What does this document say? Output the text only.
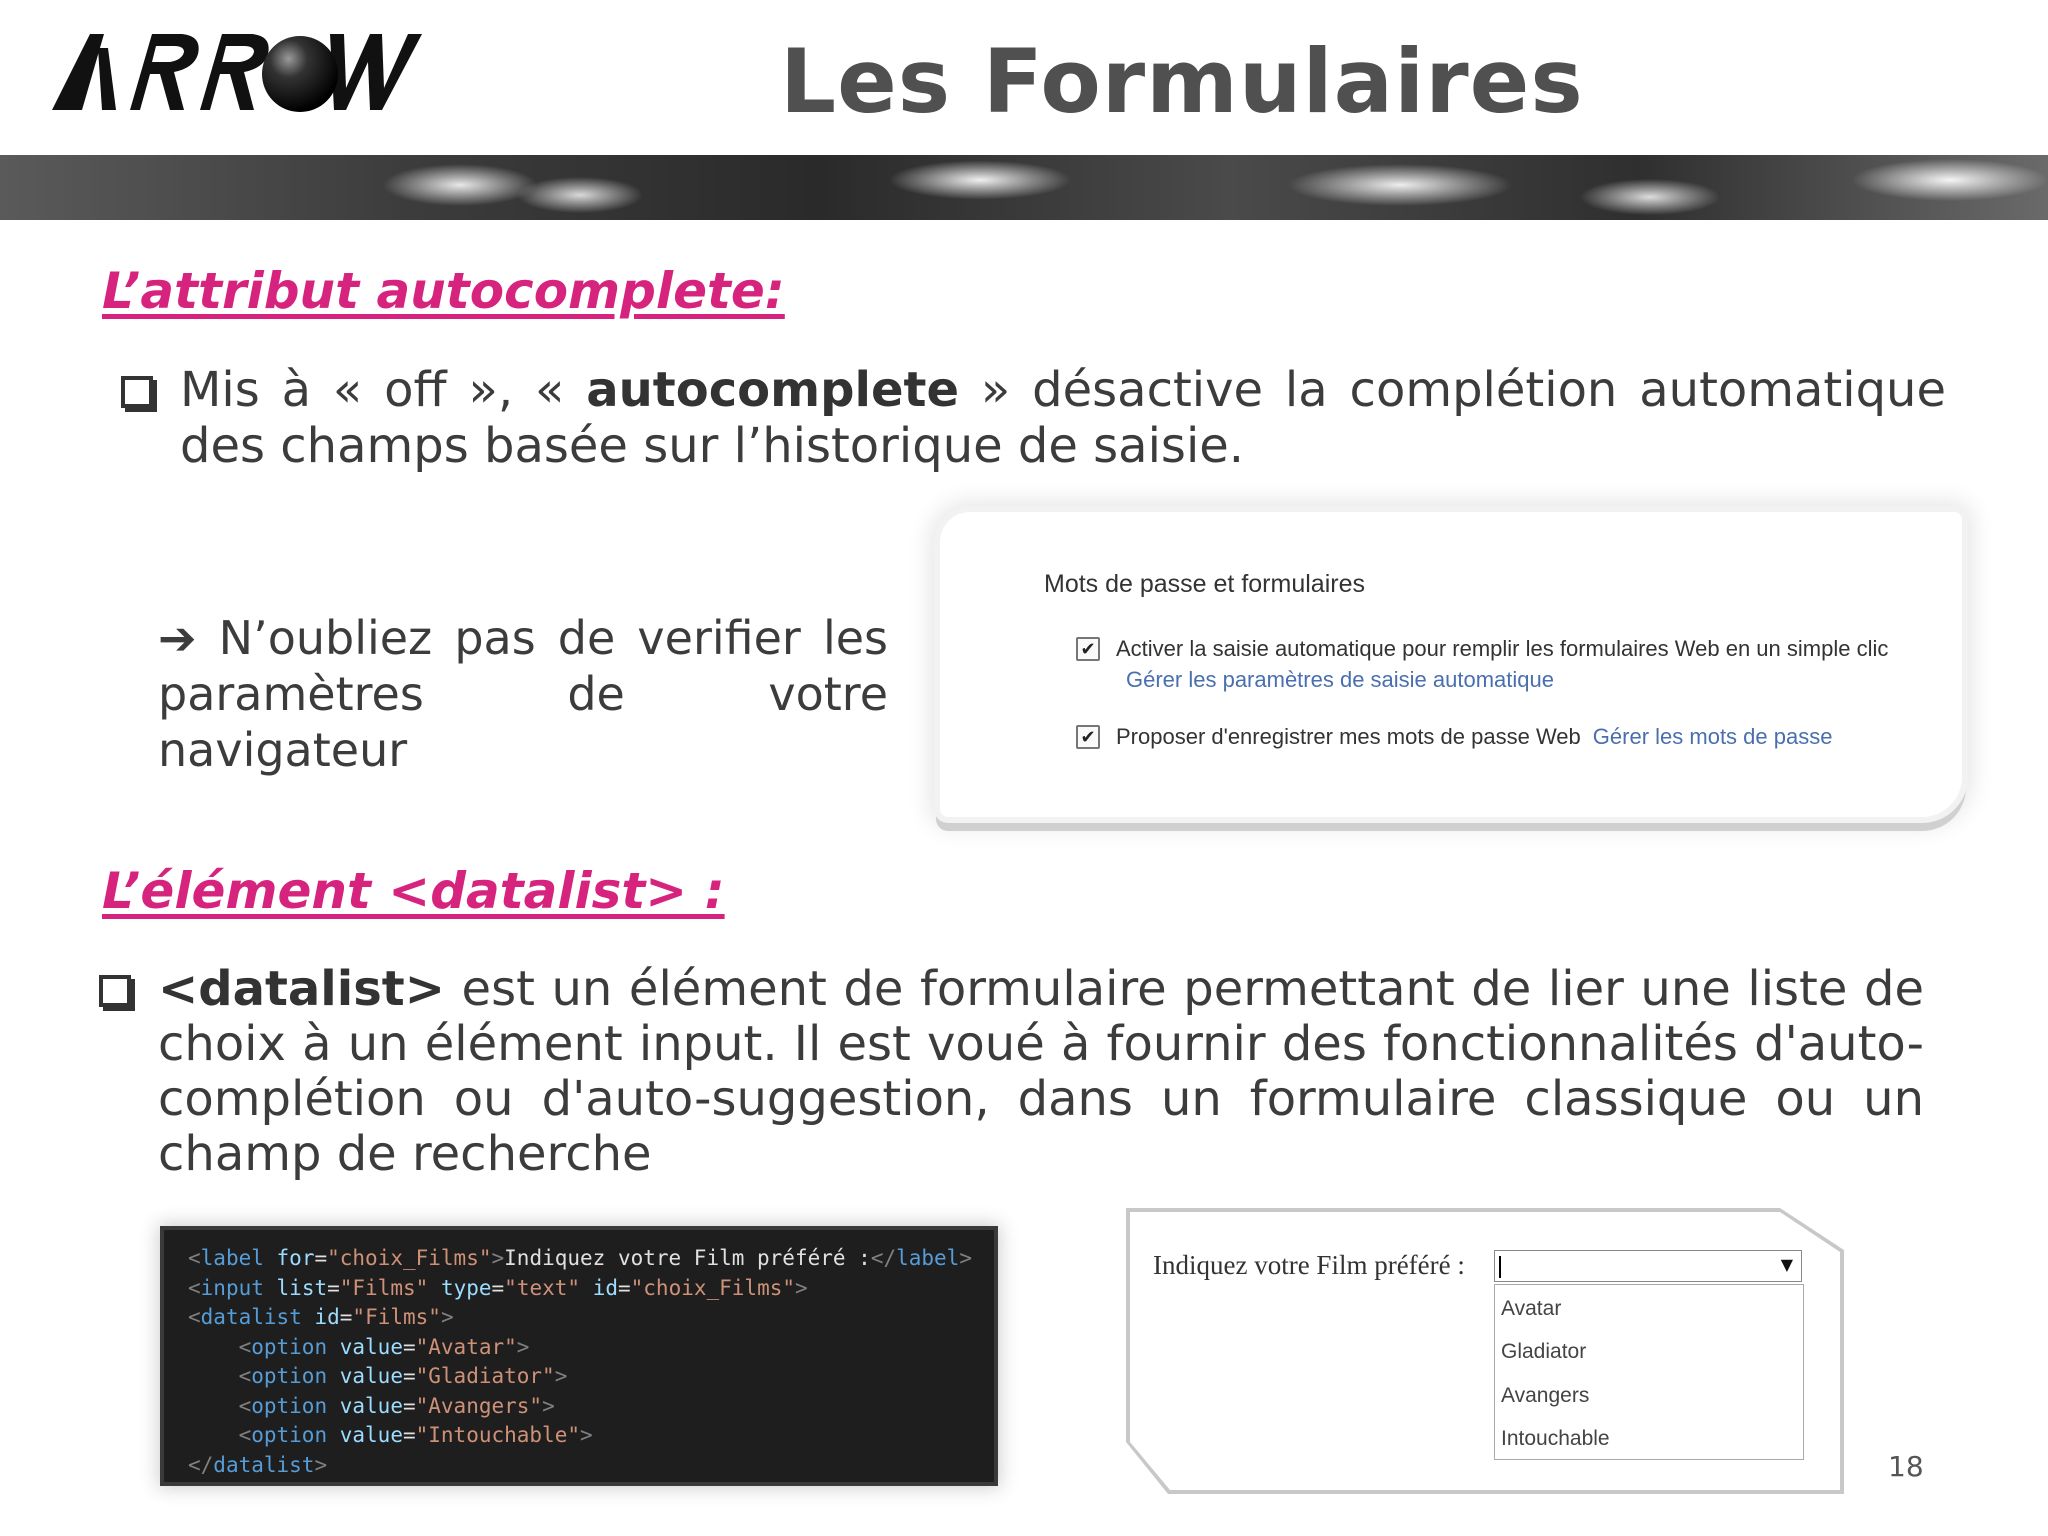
Les Formulaires
L’attribut autocomplete:
Mis à « off », « autocomplete » désactive la complétion automatique des champs basée sur l’historique de saisie.
➔ N’oubliez pas de verifier les paramètres de votre navigateur
Mots de passe et formulaires
✔ Activer la saisie automatique pour remplir les formulaires Web en un simple clic
Gérer les paramètres de saisie automatique
✔ Proposer d'enregistrer mes mots de passe Web Gérer les mots de passe
L’élément <datalist> :
<datalist> est un élément de formulaire permettant de lier une liste de choix à un élément input. Il est voué à fournir des fonctionnalités d'auto-complétion ou d'auto-suggestion, dans un formulaire classique ou un champ de recherche
<label for="choix_Films">Indiquez votre Film préféré :</label>
<input list="Films" type="text" id="choix_Films">
<datalist id="Films">
<option value="Avatar">
<option value="Gladiator">
<option value="Avangers">
<option value="Intouchable">
</datalist>
Indiquez votre Film préféré :	▼
Avatar
Gladiator
Avangers
Intouchable
18
